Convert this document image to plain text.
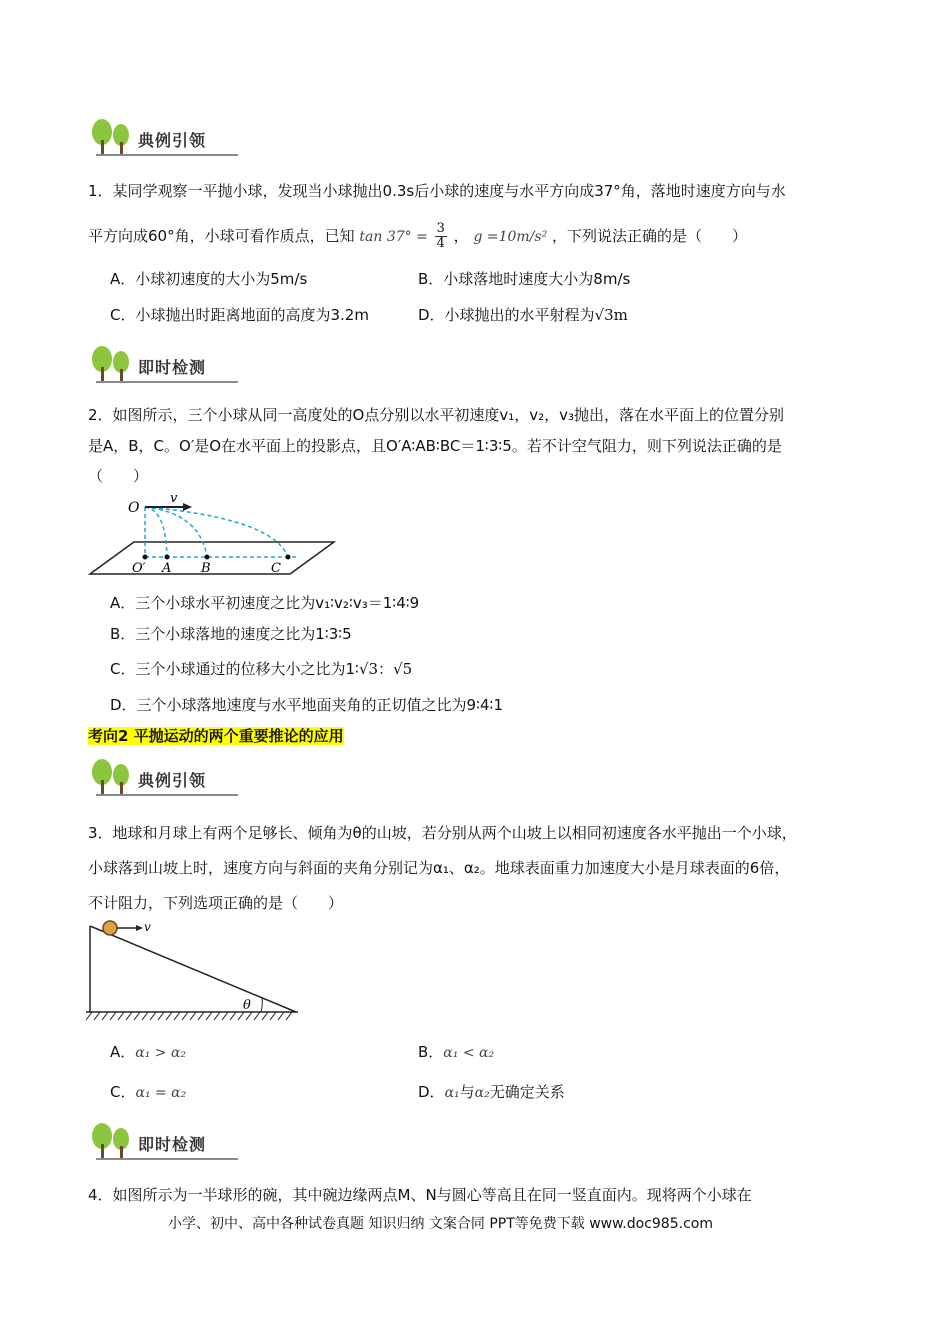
典例引领
1．某同学观察一平抛小球，发现当小球抛出0.3s后小球的速度与水平方向成37°角，落地时速度方向与水
平方向成60°角，小球可看作质点，已知 $\tan 37^\circ = \frac{3}{4}$ ， g =10m/s² ，下列说法正确的是（　　）
A．小球初速度的大小为5m/s	B．小球落地时速度大小为8m/s
C．小球抛出时距离地面的高度为3.2m	D．小球抛出的水平射程为√3m
即时检测
2．如图所示，三个小球从同一高度处的O点分别以水平初速度v₁，v₂，v₃抛出，落在水平面上的位置分别
是A，B，C。O′是O在水平面上的投影点，且O′A∶AB∶BC＝1∶3∶5。若不计空气阻力，则下列说法正确的是
（　　）
O
v
O′ A B	C
A．三个小球水平初速度之比为v₁∶v₂∶v₃＝1∶4∶9
B．三个小球落地的速度之比为1∶3∶5
C．三个小球通过的位移大小之比为1∶√3：√5
D．三个小球落地速度与水平地面夹角的正切值之比为9∶4∶1
考向2 平抛运动的两个重要推论的应用
典例引领
3．地球和月球上有两个足够长、倾角为θ的山坡，若分别从两个山坡上以相同初速度各水平抛出一个小球，
小球落到山坡上时，速度方向与斜面的夹角分别记为α₁、α₂。地球表面重力加速度大小是月球表面的6倍，
不计阻力，下列选项正确的是（　　）
v
θ
A．α₁ > α₂	B．α₁ < α₂
C．α₁ = α₂	D．α₁与α₂无确定关系
即时检测
4．如图所示为一半球形的碗，其中碗边缘两点M、N与圆心等高且在同一竖直面内。现将两个小球在
小学、初中、高中各种试卷真题 知识归纳 文案合同 PPT等免费下载 www.doc985.com
